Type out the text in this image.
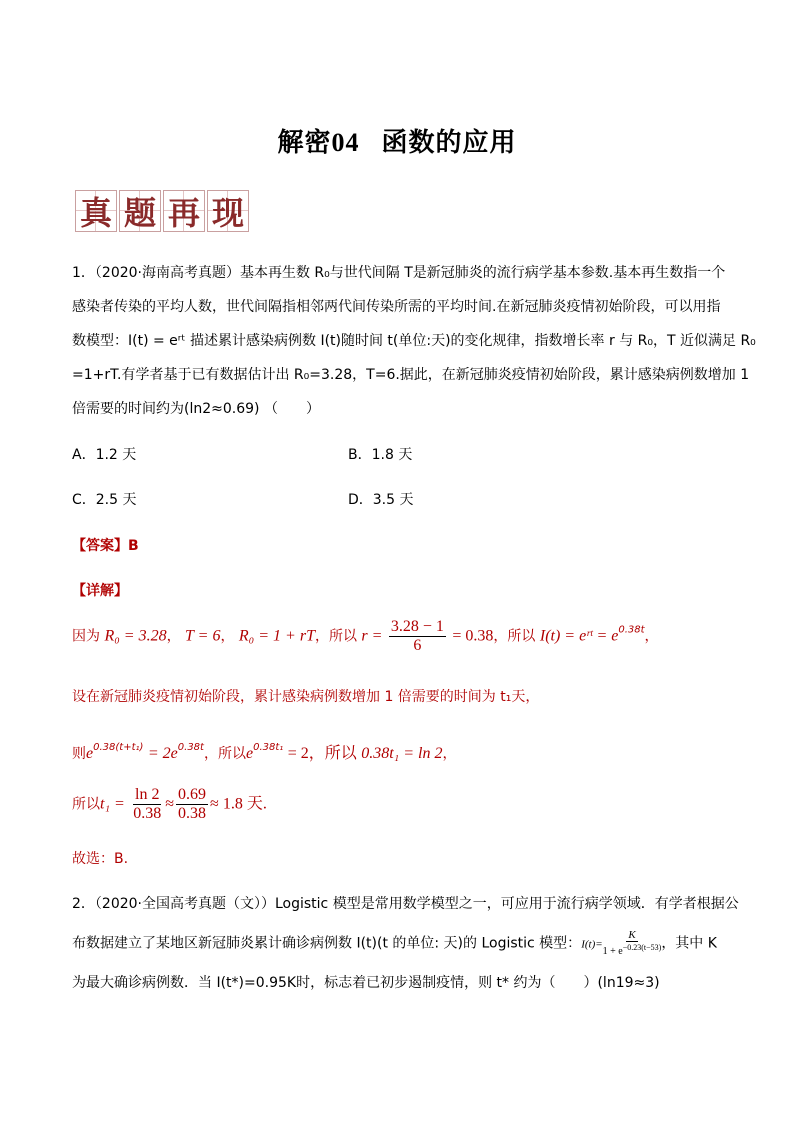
解密04 函数的应用
真 题 再 现
1．（2020·海南高考真题）基本再生数 R₀与世代间隔 T是新冠肺炎的流行病学基本参数.基本再生数指一个
感染者传染的平均人数，世代间隔指相邻两代间传染所需的平均时间.在新冠肺炎疫情初始阶段，可以用指
数模型：I(t) = eʳᵗ 描述累计感染病例数 I(t)随时间 t(单位:天)的变化规律，指数增长率 r 与 R₀，T 近似满足 R₀
=1+rT.有学者基于已有数据估计出 R₀=3.28，T=6.据此，在新冠肺炎疫情初始阶段，累计感染病例数增加 1
倍需要的时间约为(ln2≈0.69) （　　）
A．1.2 天	B．1.8 天
C．2.5 天	D．3.5 天
【答案】B
【详解】
因为 R₀ = 3.28， T = 6， R₀ = 1 + rT，所以 $r = \frac{3.28 - 1}{6} = 0.38$，所以 I(t) = eʳᵗ = $e^{0.38t}$，
设在新冠肺炎疫情初始阶段，累计感染病例数增加 1 倍需要的时间为 t₁天，
则$e^{0.38(t+t_1)} = 2e^{0.38t}$，所以$e^{0.38t_1} = 2$，所以 0.38t₁ = ln 2，
所以$t_1 = \frac{\ln 2}{0.38} \approx \frac{0.69}{0.38} \approx 1.8$ 天.
故选：B.
2．（2020·全国高考真题（文））Logistic 模型是常用数学模型之一，可应用于流行病学领域．有学者根据公
布数据建立了某地区新冠肺炎累计确诊病例数 I(t)(t 的单位: 天)的 Logistic 模型：$I(t)= \frac{K}{1 + e^{-0.23(t-53)}}$ ，其中 K
为最大确诊病例数．当 I(t*)=0.95K时，标志着已初步遏制疫情，则 t* 约为（　　）(ln19≈3)
